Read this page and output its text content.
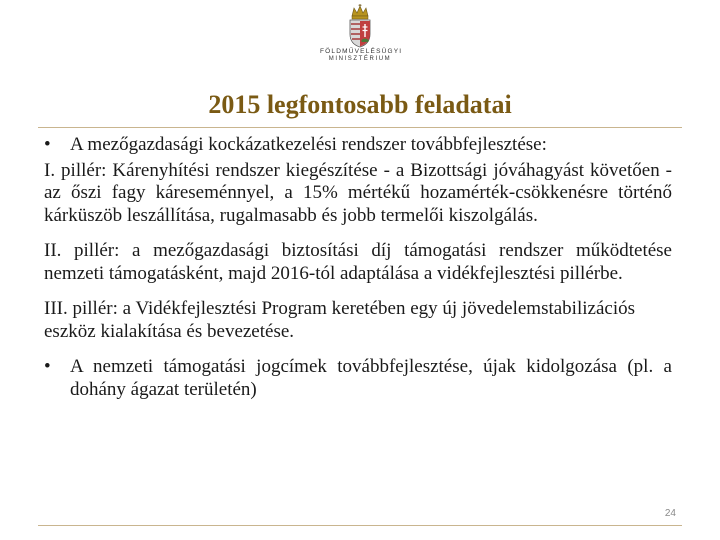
FÖLDMŰVELÉSÜGYI
MINISZTÉRIUM
2015 legfontosabb feladatai
• A mezőgazdasági kockázatkezelési rendszer továbbfejlesztése:
I. pillér: Kárenyhítési rendszer kiegészítése - a Bizottsági jóváhagyást követően - az őszi fagy káreseménnyel, a 15% mértékű hozamérték-csökkenésre történő kárküszöb leszállítása, rugalmasabb és jobb termelői kiszolgálás.
II. pillér: a mezőgazdasági biztosítási díj támogatási rendszer működtetése nemzeti támogatásként, majd 2016-tól adaptálása a vidékfejlesztési pillérbe.
III. pillér: a Vidékfejlesztési Program keretében egy új jövedelemstabilizációs eszköz kialakítása és bevezetése.
• A nemzeti támogatási jogcímek továbbfejlesztése, újak kidolgozása (pl. a dohány ágazat területén)
24
